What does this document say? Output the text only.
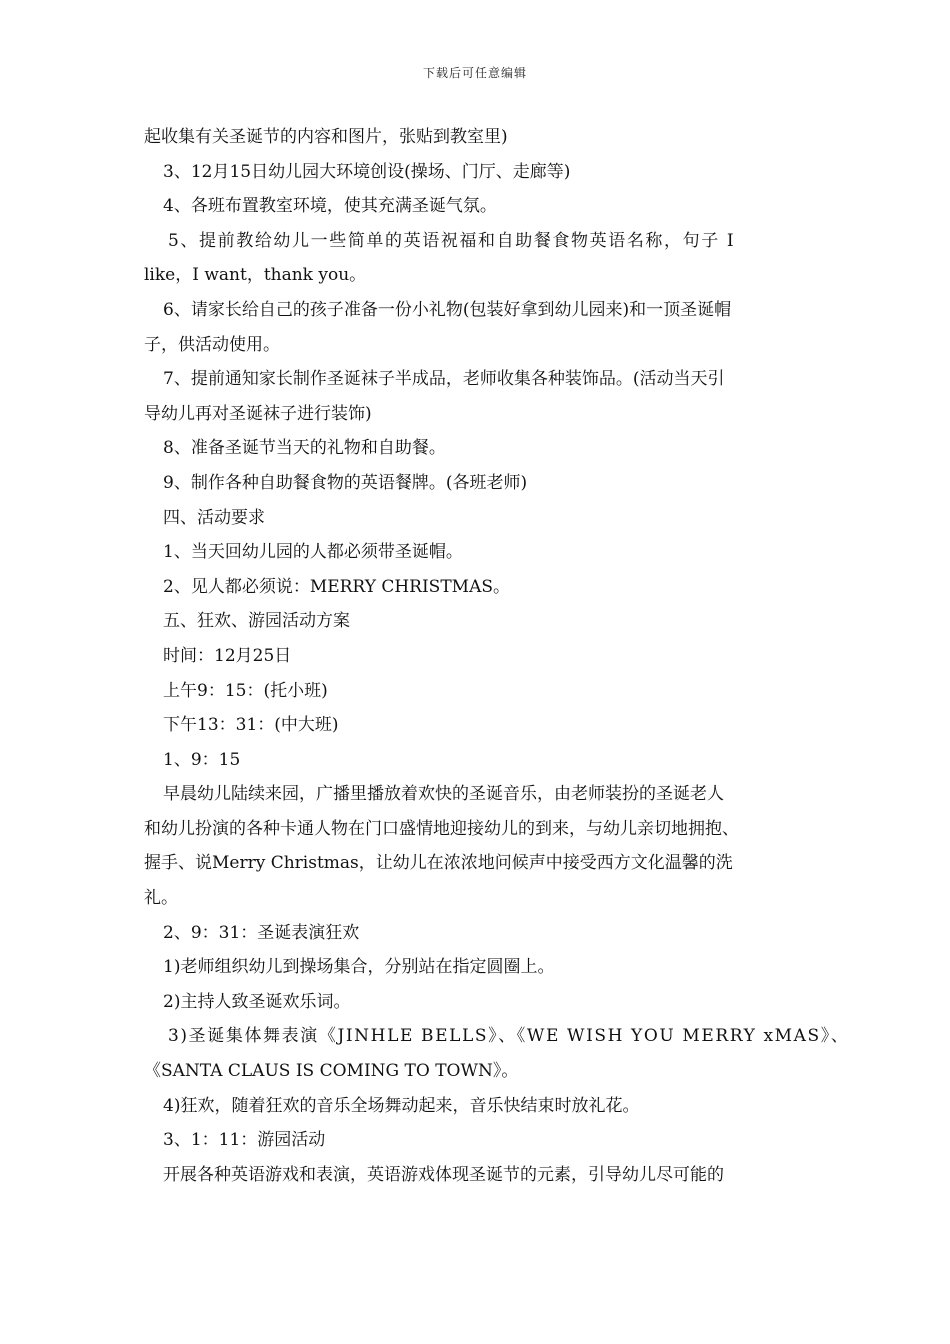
下载后可任意编辑
起收集有关圣诞节的内容和图片，张贴到教室里)
3、12月15日幼儿园大环境创设(操场、门厅、走廊等)
4、各班布置教室环境，使其充满圣诞气氛。
5、提前教给幼儿一些简单的英语祝福和自助餐食物英语名称，句子 I
like，I want，thank you。
6、请家长给自己的孩子准备一份小礼物(包装好拿到幼儿园来)和一顶圣诞帽
子，供活动使用。
7、提前通知家长制作圣诞袜子半成品，老师收集各种装饰品。(活动当天引
导幼儿再对圣诞袜子进行装饰)
8、准备圣诞节当天的礼物和自助餐。
9、制作各种自助餐食物的英语餐牌。(各班老师)
四、活动要求
1、当天回幼儿园的人都必须带圣诞帽。
2、见人都必须说：MERRY CHRISTMAS。
五、狂欢、游园活动方案
时间：12月25日
上午9：15：(托小班)
下午13：31：(中大班)
1、9：15
早晨幼儿陆续来园，广播里播放着欢快的圣诞音乐，由老师装扮的圣诞老人
和幼儿扮演的各种卡通人物在门口盛情地迎接幼儿的到来，与幼儿亲切地拥抱、
握手、说Merry Christmas，让幼儿在浓浓地问候声中接受西方文化温馨的洗
礼。
2、9：31：圣诞表演狂欢
1)老师组织幼儿到操场集合，分别站在指定圆圈上。
2)主持人致圣诞欢乐词。
3)圣诞集体舞表演《JINHLE BELLS》、《WE WISH YOU MERRY xMAS》、
《SANTA CLAUS IS COMING TO TOWN》。
4)狂欢，随着狂欢的音乐全场舞动起来，音乐快结束时放礼花。
3、1：11：游园活动
开展各种英语游戏和表演，英语游戏体现圣诞节的元素，引导幼儿尽可能的
